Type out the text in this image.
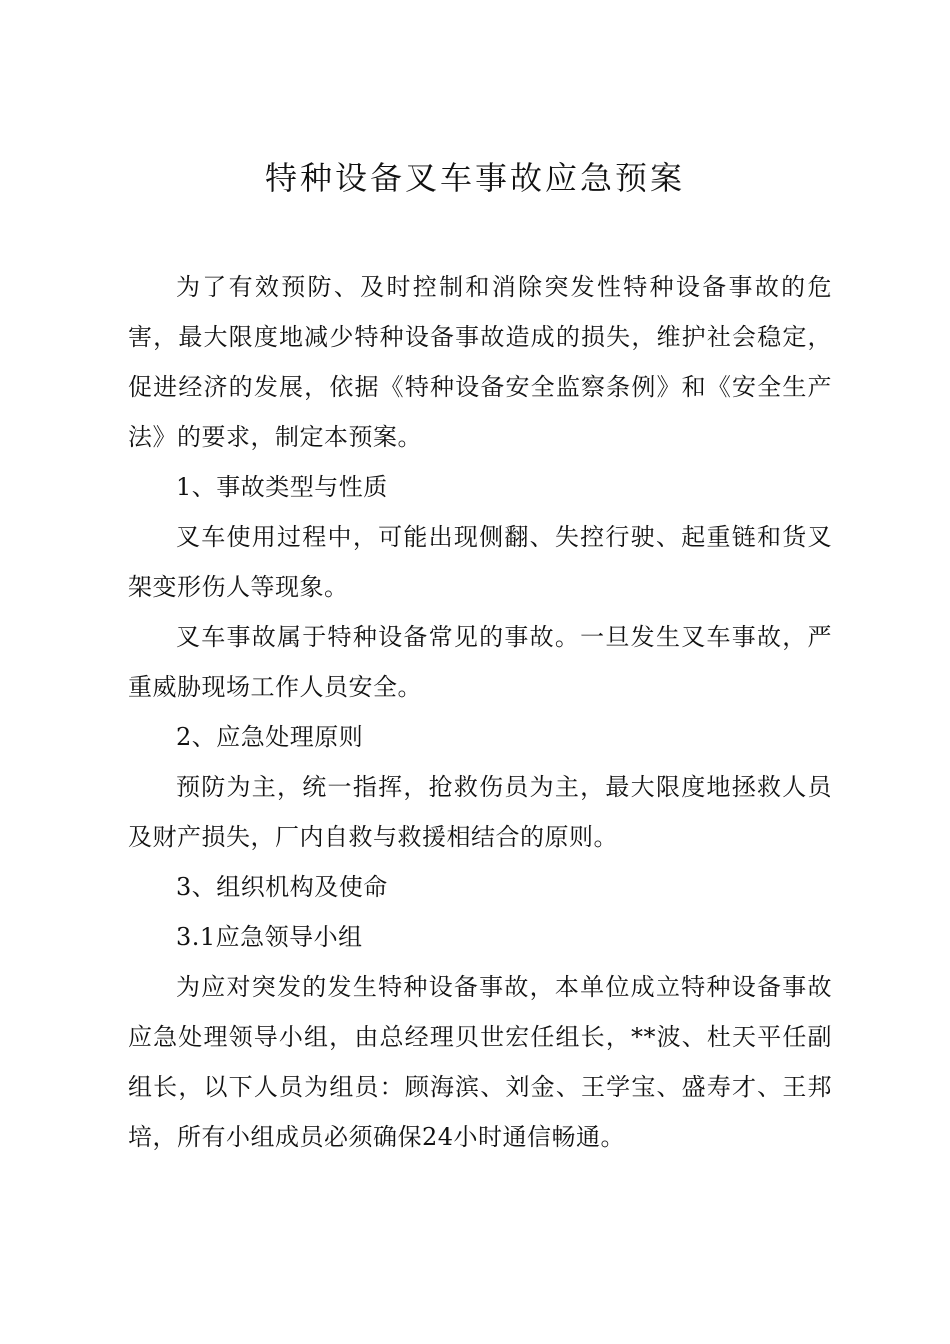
特种设备叉车事故应急预案

为了有效预防、及时控制和消除突发性特种设备事故的危害，最大限度地减少特种设备事故造成的损失，维护社会稳定，促进经济的发展，依据《特种设备安全监察条例》和《安全生产法》的要求，制定本预案。

1、事故类型与性质

叉车使用过程中，可能出现侧翻、失控行驶、起重链和货叉架变形伤人等现象。

叉车事故属于特种设备常见的事故。一旦发生叉车事故，严重威胁现场工作人员安全。

2、应急处理原则

预防为主，统一指挥，抢救伤员为主，最大限度地拯救人员及财产损失，厂内自救与救援相结合的原则。

3、组织机构及使命

3.1应急领导小组

为应对突发的发生特种设备事故，本单位成立特种设备事故应急处理领导小组，由总经理贝世宏任组长，**波、杜天平任副组长，以下人员为组员：顾海滨、刘金、王学宝、盛寿才、王邦培，所有小组成员必须确保24小时通信畅通。
